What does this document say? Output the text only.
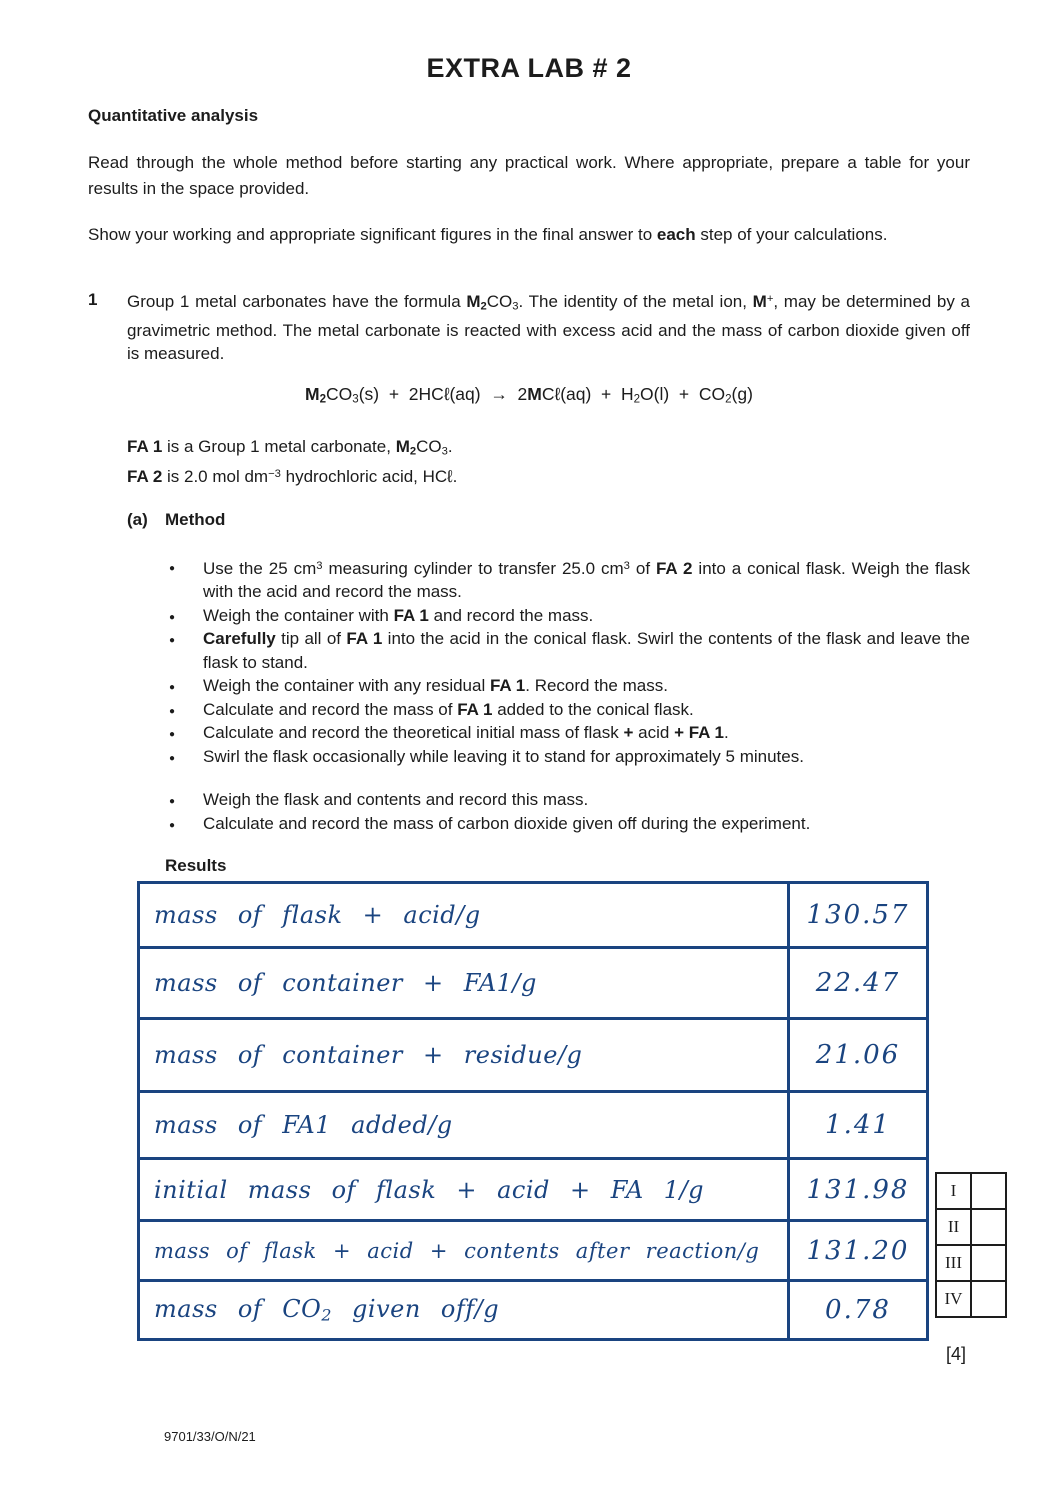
EXTRA LAB # 2
Quantitative analysis

Read through the whole method before starting any practical work. Where appropriate, prepare a table for your results in the space provided.

Show your working and appropriate significant figures in the final answer to each step of your calculations.

1	Group 1 metal carbonates have the formula $M_2CO_3$. The identity of the metal ion, M+, may be determined by a gravimetric method. The metal carbonate is reacted with excess acid and the mass of carbon dioxide given off is measured.
$M_2CO_3(s)$  +  2HCℓ(aq)  →  2MCℓ(aq)  +  $H_2O(l) + CO_2(g)$
FA 1 is a Group 1 metal carbonate, $M_2CO_3$.
FA 2 is 2.0 mol $dm^{-3}$ hydrochloric acid, HCℓ.
(a)	Method
● Use the 25 $cm^3$ measuring cylinder to transfer 25.0 $cm^3$ of FA 2 into a conical flask. Weigh the flask with the acid and record the mass.
● Weigh the container with FA 1 and record the mass.
● Carefully tip all of FA 1 into the acid in the conical flask. Swirl the contents of the flask and leave the flask to stand.
● Weigh the container with any residual FA 1. Record the mass.
● Calculate and record the mass of FA 1 added to the conical flask.
● Calculate and record the theoretical initial mass of flask + acid + FA 1.
● Swirl the flask occasionally while leaving it to stand for approximately 5 minutes.
● Weigh the flask and contents and record this mass.
● Calculate and record the mass of carbon dioxide given off during the experiment.
Results
mass of flask + acid/g	130.57
mass of container + FA1/g	22.47
mass of container + residue/g	21.06
mass of FA1 added/g	1.41
initial mass of flask + acid + FA 1/g	131.98
mass of flask + acid + contents after reaction/g	131.20
mass of $CO_2$ given off/g	0.78
I	
II	
III	
IV	
[4]
9701/33/O/N/21
